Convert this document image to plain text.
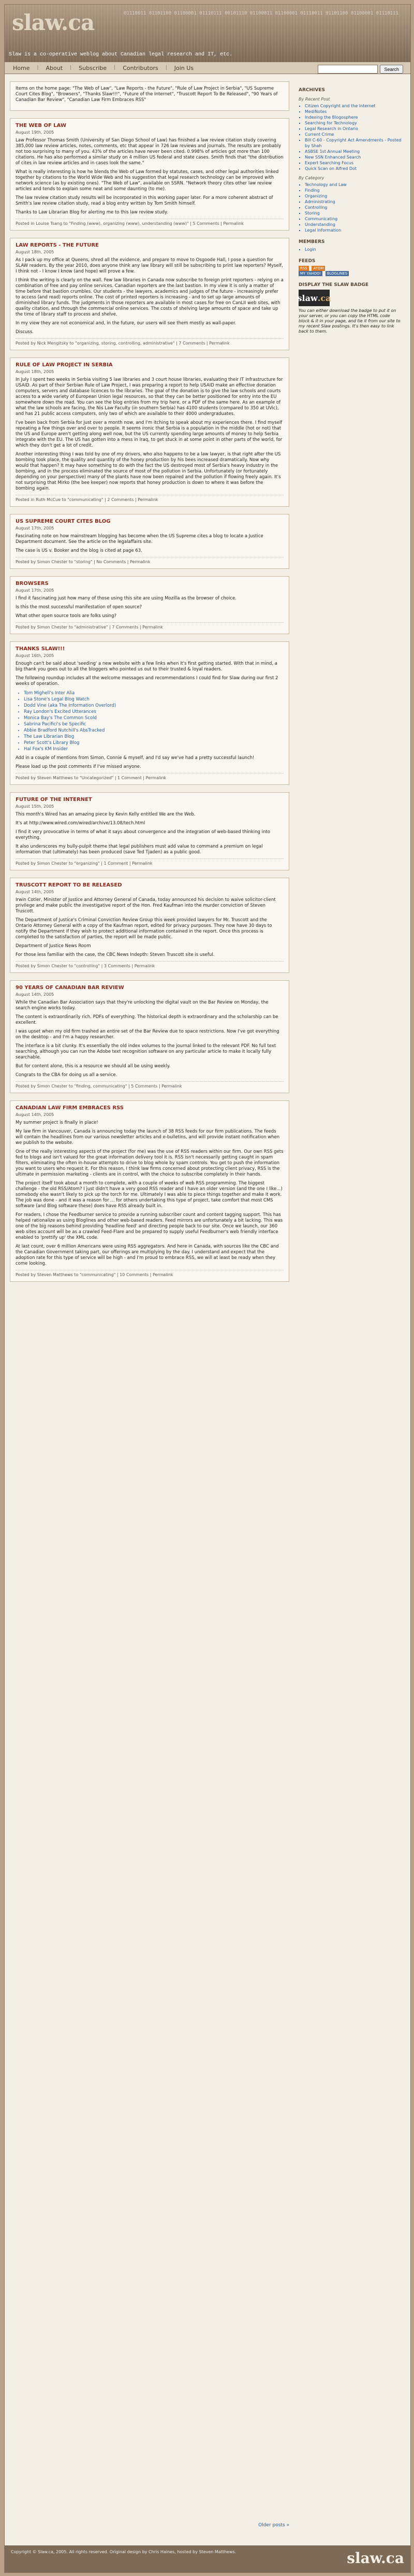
slaw.ca	01110011 01101100 01100001 01110111 00101110 01100011 01100001 01110011 01101100 01100001 01110111
Slaw is a co-operative weblog about Canadian legal research and IT, etc.
Home	|	About	|	Subscribe	|	Contributors	|	Join Us	Search

Items on the home page: "The Web of Law", "Law Reports - the Future", "Rule of Law Project in Serbia", "US Supreme Court Cites Blog", "Browsers", "Thanks Slaw!!!", "Future of the Internet", "Truscott Report To Be Released", "90 Years of Canadian Bar Review", "Canadian Law Firm Embraces RSS"

THE WEB OF LAW
August 19th, 2005

Law Professor Thomas Smith (University of San Diego School of Law) has finished a law review citation study covering 385,000 law review articles, notes, comments, etc that appear in 726 law reviews and journals. The results are probably not too surprising to many of you. 43% of the articles have never been cited. 0.998% of articles got more than 100 citations. He has also performed a similar study on 4 million US federal and state cases. Smith finds that "the distribution of cites in law review articles and in cases look the same."

What is really interesting is how he blends the Web of Law formed by statutes, cases, and other legal authorities linked together by citations to the World Wide Web and his suggestion that legal research technology can be improved with network science (as by existing ones). "The Web of Law", available on SSRN. "Network theory cites other law review articles and tends to explain some neat and some daunting (to me).

The law review citation study results will be incorporated in this working paper later. For a more coherent abstract of Smith's law review citation study, read a blog entry written by Tom Smith himself.

Thanks to Law Librarian Blog for alerting me to this law review study.

Posted in Louise Tsang to "Finding (www), organizing (www), understanding (www)" | 5 Comments | Permalink
LAW REPORTS - THE FUTURE
August 18th, 2005

As I pack up my office at Queens, shred all the evidence, and prepare to move to Osgoode Hall, I pose a question for SLAW readers. By the year 2010, does anyone think any law library will still be subscribing to print law reporters? Myself, I think not - I know I know (and hope) will prove a few.

I think the writing is clearly on the wall. Few law libraries in Canada now subscribe to foreign print reporters - relying on a combination of free and pay online services. Canadian reporters are the last bastion. In my view it is only a matter of time before that bastion crumbles. Our students - the lawyers, academics and judges of the future - increasingly prefer to access (and read) reports online. The cost of printed reporters is increasing - and to set up large amounts of diminished library funds. The judgments in those reporters are available in most cases for free on CanLII web sites, with quality citation, and through the commercial online services. The costs of shelving large amounts of space and take up the time of library staff to process and shelve.

In my view they are not economical and, in the future, our users will see them mostly as wall-paper.

Discuss.

Posted by Nick Mengitsky to "organizing, storing, controlling, administrative" | 7 Comments | Permalink
RULE OF LAW PROJECT IN SERBIA
August 18th, 2005

In July I spent two weeks in Serbia visiting 5 law libraries and 3 court house libraries, evaluating their IT infrastructure for USAID. As part of their Serbian Rule of Law Project, I was preparing a report to help USAID make an effective donation computers, servers and database licences to the libraries. The goal of the donation is to give the law schools and courts access to a wide variety of European Union legal resources, so that they can be better positioned for entry into the EU somewhere down the road. You can see the blog entries from my trip here, or a PDF of the same here. As an example of what the law schools are facing, the Nis Law Faculty (in southern Serbia) has 4100 students (compared to 350 at UVic), and has 21 public access computers, only two of which are available to their 4000 undergraduates.

I've been back from Serbia for just over a month now, and I'm itching to speak about my experiences there. I find myself repeating a few things over and over to people. It seems ironic that Serbia is a population in the middle (hot or not) that the US and Europe aren't getting along well now, but the US currently spending large amounts of money to help Serbia integrate with the EU. The US has gotten into a mess in Iraq, to get stuck in at some point in other parts of the world, for which they don't get a lot of credit.

Another interesting thing I was told by one of my drivers, who also happens to be a law lawyer, is that right after the US bombing took place, the quality and quantity of the honey production by his bees increased dramatically. Now why would that happen? It may have something to do with the fact the US destroyed most of Serbia's heavy industry in the bombing, and in the process eliminated the source of most of the pollution in Serbia. Unfortunately (or fortunately depending on your perspective) many of the plants have now been repaired and the pollution if flowing freely again. It's not surprising that Mirko (the bee keeper) now reports that honey production is down to where it was before the bombing again.

Posted in Ruth McCue to "communicating" | 2 Comments | Permalink
US SUPREME COURT CITES BLOG
August 17th, 2005

Fascinating note on how mainstream blogging has become when the US Supreme cites a blog to locate a Justice Department document. See the article on the legalaffairs site.

The case is US v. Booker and the blog is cited at page 63.

Posted by Simon Chester to "storing" | No Comments | Permalink
BROWSERS
August 17th, 2005

I find it fascinating just how many of those using this site are using Mozilla as the browser of choice.

Is this the most successful manifestation of open source?

What other open source tools are folks using?

Posted by Simon Chester to "administrative" | 7 Comments | Permalink
THANKS SLAW!!!
August 16th, 2005

Enough can't be said about 'seeding' a new website with a few links when it's first getting started. With that in mind, a big thank you goes out to all the bloggers who pointed us out to their trusted & loyal readers.

The following roundup includes all the welcome messages and recommendations I could find for Slaw during our first 2 weeks of operation.

• Tom Mighell's Inter Alia
• Lisa Stone's Legal Blog Watch
• Dodd Vine (aka The Information Overlord)
• Ray London's Excited Utterances
• Monica Bay's The Common Scold
• Sabrina Pacifici's be Specific
• Abbie Bradford Nutchill's AbsTracked
• The Law Librarian Blog
• Peter Scott's Library Blog
• Hal Fox's KM Insider

Add in a couple of mentions from Simon, Connie & myself, and I'd say we've had a pretty successful launch!

Please load up the post comments if I've missed anyone.

Posted by Steven Matthews to "Uncategorized" | 1 Comment | Permalink
FUTURE OF THE INTERNET
August 15th, 2005

This month's Wired has an amazing piece by Kevin Kelly entitled We are the Web.

It's at http://www.wired.com/wired/archive/13.08/tech.html

I find it very provocative in terms of what it says about convergence and the integration of web-based thinking into everything.

It also underscores my bully-pulpit theme that legal publishers must add value to command a premium on legal information that (ultimately) has been produced (save Ted Tjaden) as a public good.

Posted by Simon Chester to "organizing" | 1 Comment | Permalink
TRUSCOTT REPORT TO BE RELEASED
August 14th, 2005

Irwin Cotler, Minister of Justice and Attorney General of Canada, today announced his decision to waive solicitor-client privilege and make public the investigative report of the Hon. Fred Kaufman into the murder conviction of Steven Truscott.

The Department of Justice's Criminal Conviction Review Group this week provided lawyers for Mr. Truscott and the Ontario Attorney General with a copy of the Kaufman report, edited for privacy purposes. They now have 30 days to notify the Department if they wish to protect additional information contained in the report. Once this process is completed to the satisfaction of parties, the report will be made public.

Department of Justice News Room

For those less familiar with the case, the CBC News Indepth: Steven Truscott site is useful.

Posted by Simon Chester to "controlling" | 3 Comments | Permalink
90 YEARS OF CANADIAN BAR REVIEW
August 14th, 2005

While the Canadian Bar Association says that they're unlocking the digital vault on the Bar Review on Monday, the search engine works today.

The content is extraordinarily rich. PDFs of everything. The historical depth is extraordinary and the scholarship can be excellent.

I was upset when my old firm trashed an entire set of the Bar Review due to space restrictions. Now I've got everything on the desktop - and I'm a happy researcher.

The interface is a bit clunky. It's essentially the old index volumes to the journal linked to the relevant PDF. No full text searching, although you can run the Adobe text recognition software on any particular article to make it locally fully searchable.

But for content alone, this is a resource we should all be using weekly.

Congrats to the CBA for doing us all a service.

Posted by Simon Chester to "finding, communicating" | 5 Comments | Permalink
CANADIAN LAW FIRM EMBRACES RSS
August 14th, 2005

My summer project is finally in place!

My law firm in Vancouver, Canada is announcing today the launch of 38 RSS feeds for our firm publications. The feeds will contain the headlines from our various newsletter articles and e-bulletins, and will provide instant notification when we publish to the website.

One of the really interesting aspects of the project (for me) was the use of RSS readers within our firm. Our own RSS gets fed to blogs and isn't valued for the great information delivery tool it is. RSS isn't necessarily getting caught in spam filters, eliminating the often in-house attempts to drive to blog whole by spam controls. You get to push the information you want to users who request it. For this reason, I think law firms concerned about protecting client privacy, RSS is the ultimate in permission marketing - clients are in control, with the choice to subscribe completely in their hands.

The project itself took about a month to complete, with a couple of weeks of web RSS programming. The biggest challenge - the old RSS/Atom? I just didn't have a very good RSS reader and I have an older version (and the one I like...) somebody else wasn't likely to pick up the torch for me. Ultimately I was able to piece things together and make it work. The job was done - and it was a reason for ... for others undertaking this type of project, take comfort that most CMS software (and Blog software these) does have RSS already built in.

For readers, I chose the Feedburner service to provide a running subscriber count and content tagging support. This has helped rationalize as using Bloglines and other web-based readers. Feed mirrors are unfortunately a bit lacking. This was one of the big reasons behind providing 'headline feed' and directing people back to our site. Once we launch, our 360 web sites account will be as a crawled Feed-Flare and be prepared to supply useful Feedburner's web friendly interface enabled to 'prettify up' the XML code.

At last count, over 6 million Americans were using RSS aggregators. And here in Canada, with sources like the CBC and the Canadian Government taking part, our offerings are multiplying by the day. I understand and expect that the adoption rate for this type of service will be high - and I'm proud to embrace RSS, we will at least be ready when they come looking.

Posted by Steven Matthews to "communicating" | 10 Comments | Permalink
ARCHIVES
By Recent Post
▪ Citizen Copyright and the Internet
▪ MediNotes
▪ Indexing the Blogosphere
▪ Searching for Technology
▪ Legal Research in Ontario
▪ Current Crime
▪ Bill C-60 - Copyright Act Amendments - Posted by Shah
▪ ASBSE 1st Annual Meeting
▪ New SSN Enhanced Search
▪ Expert Searching Focus
▪ Quick Scan on Alfred Dot
By Category
▪ Technology and Law
▪ Finding
▪ Organizing
▪ Administrating
▪ Controlling
▪ Storing
▪ Communicating
▪ Understanding
▪ Legal Information
MEMBERS
▪ Login
FEEDS
RSS ATOM
MY YAHOO! BLOGLINES
DISPLAY THE SLAW BADGE
slaw .ca
You can either download the badge to put it on your server, or you can copy the HTML code block & it in your page, and tie it from our site to my recent Slaw postings. It's then easy to link back to them.
Older posts »
Copyright © Slaw.ca, 2005. All rights reserved. Original design by Chris Haines, hosted by Steven Matthews.	slaw.ca
